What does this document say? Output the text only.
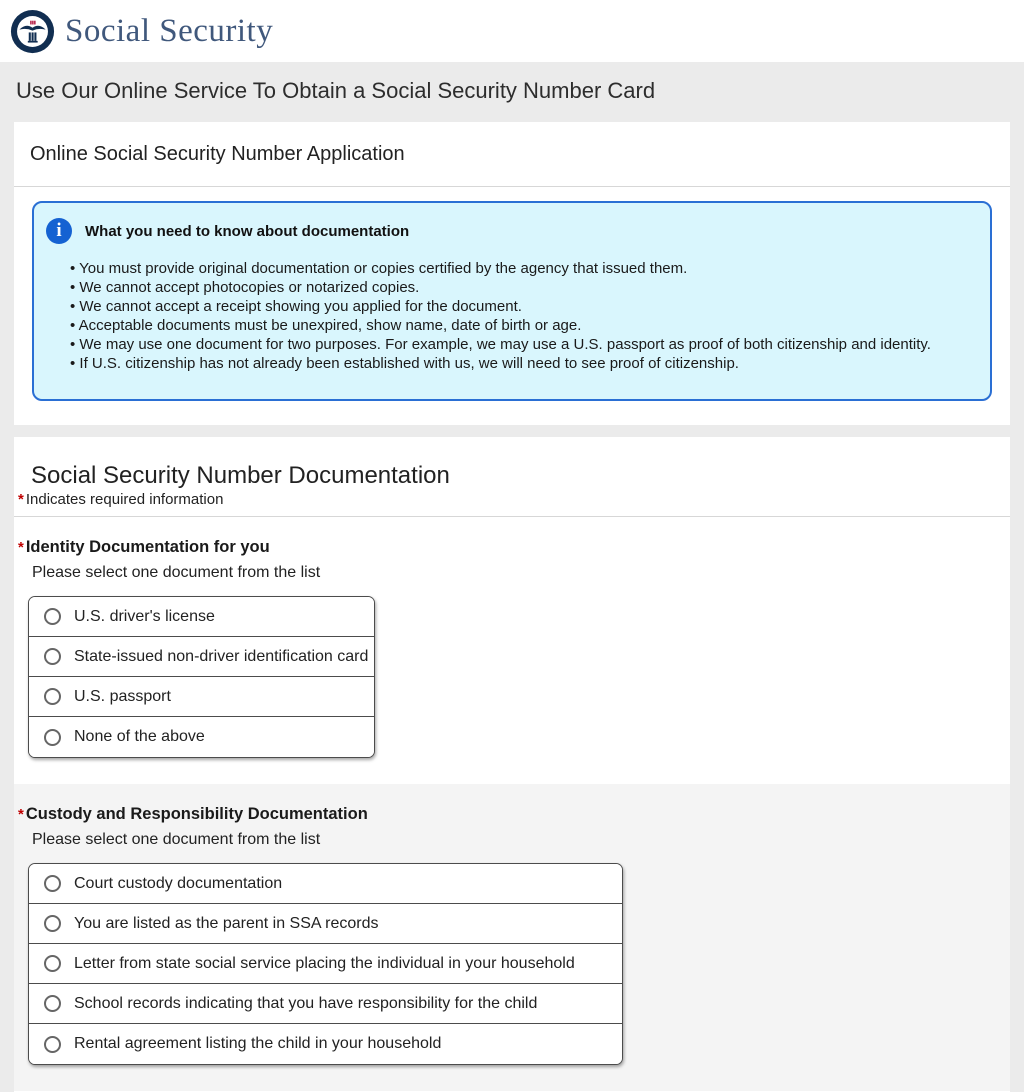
Social Security
Use Our Online Service To Obtain a Social Security Number Card
Online Social Security Number Application
i	What you need to know about documentation
• You must provide original documentation or copies certified by the agency that issued them.
• We cannot accept photocopies or notarized copies.
• We cannot accept a receipt showing you applied for the document.
• Acceptable documents must be unexpired, show name, date of birth or age.
• We may use one document for two purposes. For example, we may use a U.S. passport as proof of both citizenship and identity.
• If U.S. citizenship has not already been established with us, we will need to see proof of citizenship.
Social Security Number Documentation
* Indicates required information
* Identity Documentation for you
Please select one document from the list
U.S. driver's license
State-issued non-driver identification card
U.S. passport
None of the above
* Custody and Responsibility Documentation
Please select one document from the list
Court custody documentation
You are listed as the parent in SSA records
Letter from state social service placing the individual in your household
School records indicating that you have responsibility for the child
Rental agreement listing the child in your household
